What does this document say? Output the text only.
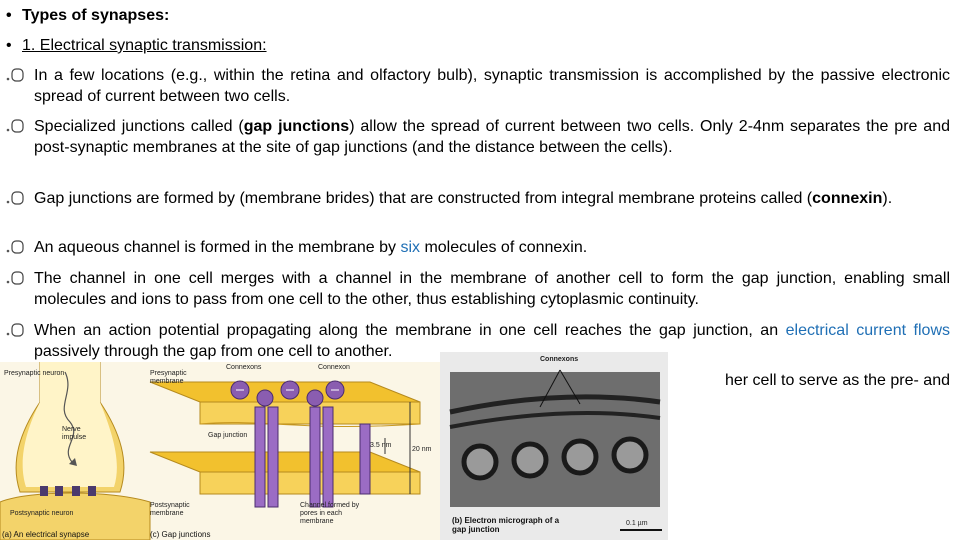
• Types of synapses:
• 1. Electrical synaptic transmission:
In a few locations (e.g., within the retina and olfactory bulb), synaptic transmission is accomplished by the passive electronic spread of current between two cells.
Specialized junctions called (gap junctions) allow the spread of current between two cells. Only 2-4nm separates the pre and post-synaptic membranes at the site of gap junctions (and the distance between the cells).
Gap junctions are formed by (membrane brides) that are constructed from integral membrane proteins called (connexin).
An aqueous channel is formed in the membrane by six molecules of connexin.
The channel in one cell merges with a channel in the membrane of another cell to form the gap junction, enabling small molecules and ions to pass from one cell to the other, thus establishing cytoplasmic continuity.
When an action potential propagating along the membrane in one cell reaches the gap junction, an electrical current flows passively through the gap from one cell to another.
her cell to serve as the pre- and
Presynaptic neuron
Nerve impulse
Postsynaptic neuron
Connexons	Connexon
Presynaptic membrane
Gap junction
3.5 nm
20 nm
Postsynaptic membrane
Channel formed by pores in each membrane
(a) An electrical synapse	(c) Gap junctions
Connexons
(b) Electron micrograph of a gap junction
0.1 µm
